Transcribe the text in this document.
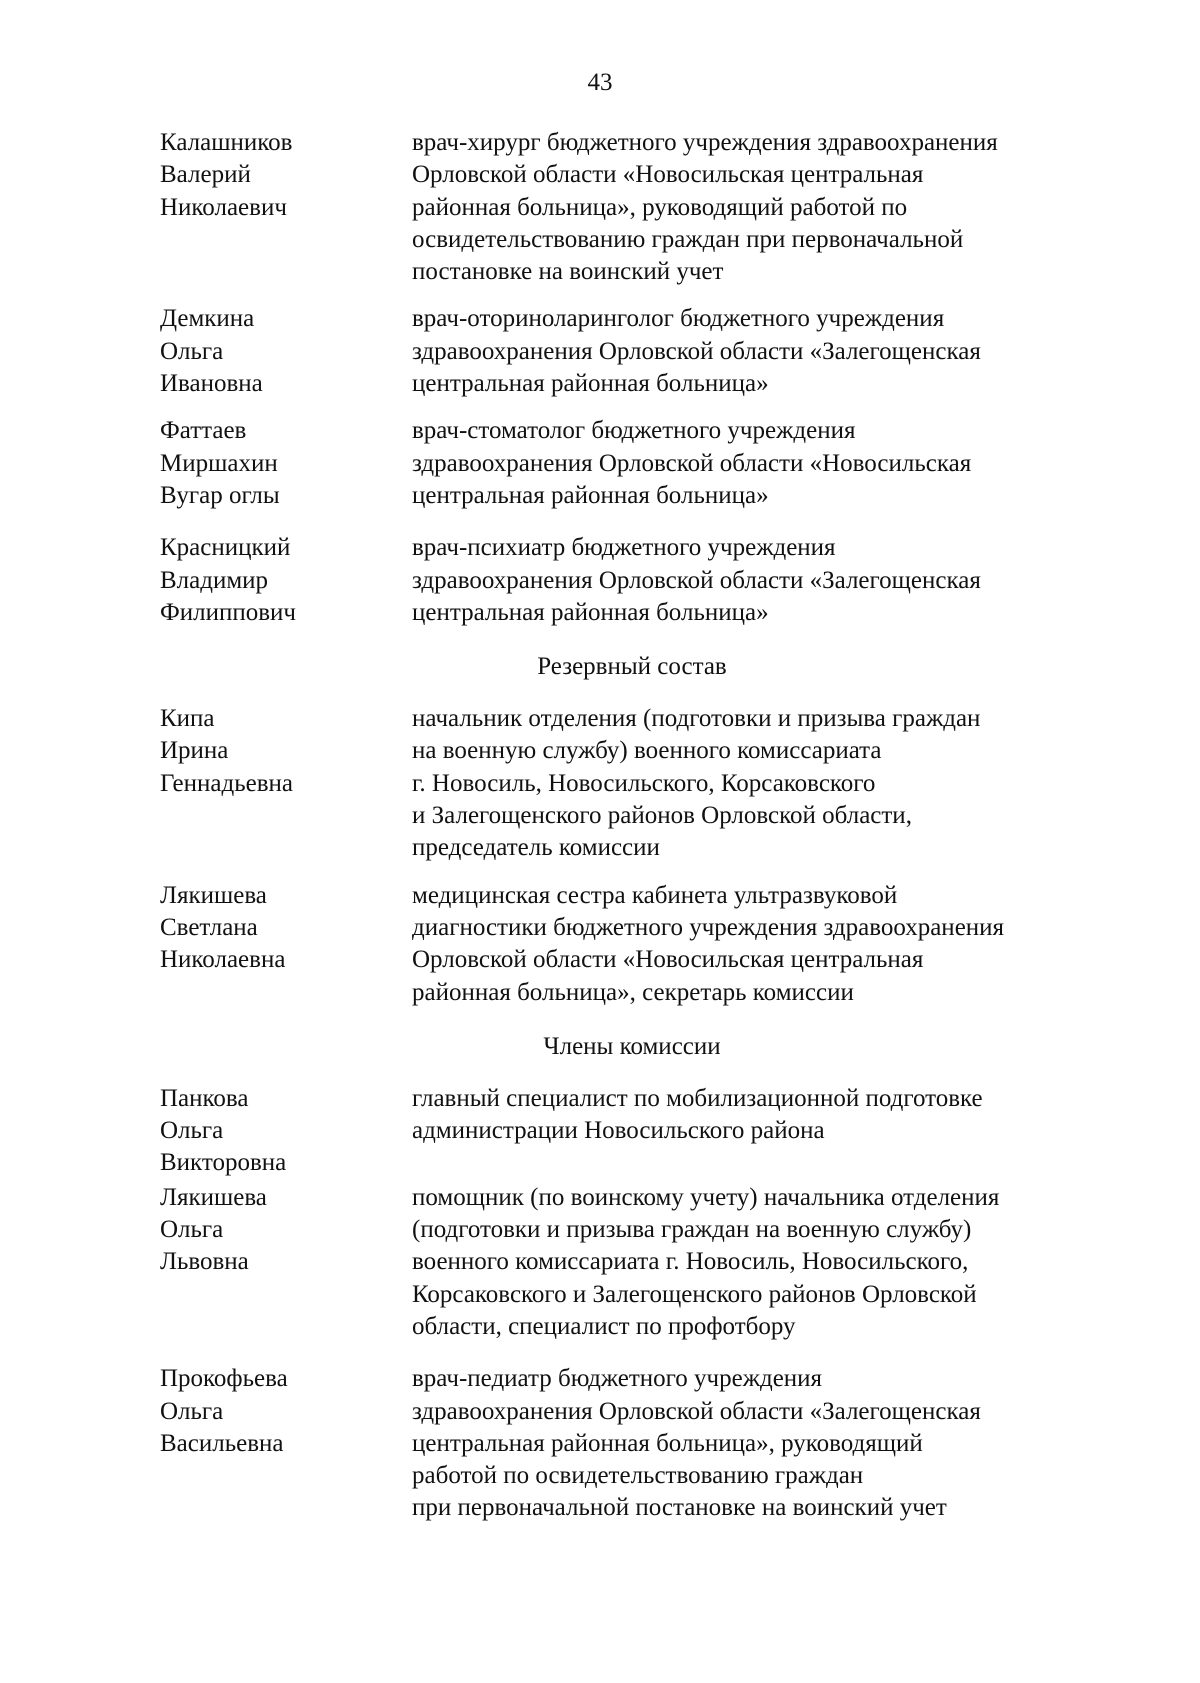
43
Калашников
Валерий
Николаевич
врач-хирург бюджетного учреждения здравоохранения
Орловской области «Новосильская центральная
районная больница», руководящий работой по
освидетельствованию граждан при первоначальной
постановке на воинский учет
Демкина
Ольга
Ивановна
врач-оториноларинголог бюджетного учреждения
здравоохранения Орловской области «Залегощенская
центральная районная больница»
Фаттаев
Миршахин
Вугар оглы
врач-стоматолог бюджетного учреждения
здравоохранения Орловской области «Новосильская
центральная районная больница»
Красницкий
Владимир
Филиппович
врач-психиатр бюджетного учреждения
здравоохранения Орловской области «Залегощенская
центральная районная больница»
Резервный состав
Кипа
Ирина
Геннадьевна
начальник отделения (подготовки и призыва граждан
на военную службу) военного комиссариата
г. Новосиль, Новосильского, Корсаковского
и Залегощенского районов Орловской области,
председатель комиссии
Лякишева
Светлана
Николаевна
медицинская сестра кабинета ультразвуковой
диагностики бюджетного учреждения здравоохранения
Орловской области «Новосильская центральная
районная больница», секретарь комиссии
Члены комиссии
Панкова
Ольга
Викторовна
главный специалист по мобилизационной подготовке
администрации Новосильского района
Лякишева
Ольга
Львовна
помощник (по воинскому учету) начальника отделения
(подготовки и призыва граждан на военную службу)
военного комиссариата г. Новосиль, Новосильского,
Корсаковского и Залегощенского районов Орловской
области, специалист по профотбору
Прокофьева
Ольга
Васильевна
врач-педиатр бюджетного учреждения
здравоохранения Орловской области «Залегощенская
центральная районная больница», руководящий
работой по освидетельствованию граждан
при первоначальной постановке на воинский учет
